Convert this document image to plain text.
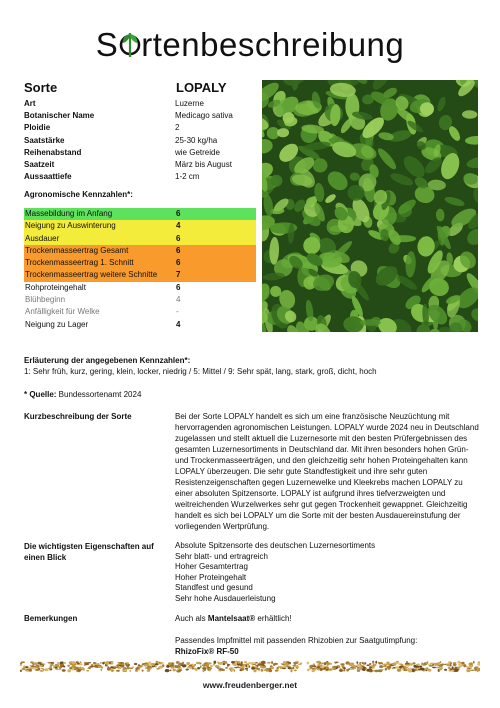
S rtenbeschreibung
Sorte	LOPALY
Art	Luzerne
Botanischer Name	Medicago sativa
Ploidie	2
Saatstärke	25-30 kg/ha
Reihenabstand	wie Getreide
Saatzeit	März bis August
Aussaattiefe	1-2 cm
Agronomische Kennzahlen*:
Massebildung im Anfang	6
Neigung zu Auswinterung	4
Ausdauer	6
Trockenmasseertrag Gesamt	6
Trockenmasseertrag 1. Schnitt	6
Trockenmasseertrag weitere Schnitte	7
Rohproteingehalt	6
Blühbeginn	4
Anfälligkeit für Welke	-
Neigung zu Lager	4
Erläuterung der angegebenen Kennzahlen*:
1: Sehr früh, kurz, gering, klein, locker, niedrig / 5: Mittel / 9: Sehr spät, lang, stark, groß, dicht, hoch
* Quelle: Bundessortenamt 2024
Kurzbeschreibung der Sorte	Bei der Sorte LOPALY handelt es sich um eine französische Neuzüchtung mit hervorragenden agronomischen Leistungen. LOPALY wurde 2024 neu in Deutschland zugelassen und stellt aktuell die Luzernesorte mit den besten Prüfergebnissen des gesamten Luzernesortiments in Deutschland dar. Mit ihren besonders hohen Grün- und Trockenmasseerträgen, und den gleichzeitig sehr hohen Proteingehalten kann LOPALY überzeugen. Die sehr gute Standfestigkeit und ihre sehr guten Resistenzeigenschaften gegen Luzernewelke und Kleekrebs machen LOPALY zu einer absoluten Spitzensorte. LOPALY ist aufgrund ihres tiefverzweigten und weitreichenden Wurzelwerkes sehr gut gegen Trockenheit gewappnet. Gleichzeitig handelt es sich bei LOPALY um die Sorte mit der besten Ausdauereinstufung der vorliegenden Wertprüfung.

Die wichtigsten Eigenschaften auf einen Blick
Absolute Spitzensorte des deutschen Luzernesortiments
Sehr blatt- und ertragreich
Hoher Gesamtertrag
Hoher Proteingehalt
Standfest und gesund
Sehr hohe Ausdauerleistung
Bemerkungen	Auch als Mantelsaat® erhältlich!
Passendes Impfmittel mit passenden Rhizobien zur Saatgutimpfung:
RhizoFix® RF-50
www.freudenberger.net
